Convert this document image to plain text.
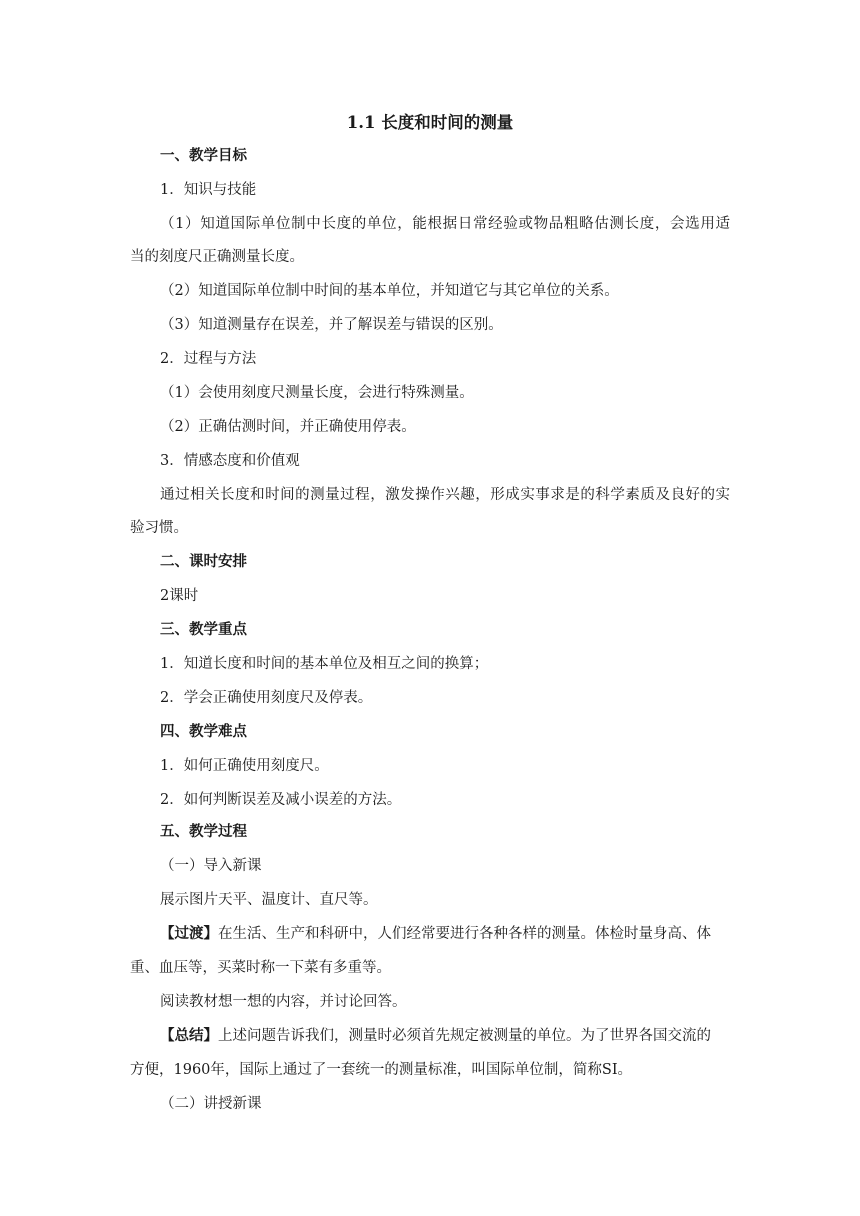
1.1 长度和时间的测量
一、教学目标
1．知识与技能
（1）知道国际单位制中长度的单位，能根据日常经验或物品粗略估测长度，会选用适
当的刻度尺正确测量长度。
（2）知道国际单位制中时间的基本单位，并知道它与其它单位的关系。
（3）知道测量存在误差，并了解误差与错误的区别。
2．过程与方法
（1）会使用刻度尺测量长度，会进行特殊测量。
（2）正确估测时间，并正确使用停表。
3．情感态度和价值观
通过相关长度和时间的测量过程，激发操作兴趣，形成实事求是的科学素质及良好的实
验习惯。
二、课时安排
2课时
三、教学重点
1．知道长度和时间的基本单位及相互之间的换算；
2．学会正确使用刻度尺及停表。
四、教学难点
1．如何正确使用刻度尺。
2．如何判断误差及减小误差的方法。
五、教学过程
（一）导入新课
展示图片天平、温度计、直尺等。
【过渡】在生活、生产和科研中，人们经常要进行各种各样的测量。体检时量身高、体
重、血压等，买菜时称一下菜有多重等。
阅读教材想一想的内容，并讨论回答。
【总结】上述问题告诉我们，测量时必须首先规定被测量的单位。为了世界各国交流的
方便，1960年，国际上通过了一套统一的测量标准，叫国际单位制，简称SI。
（二）讲授新课
